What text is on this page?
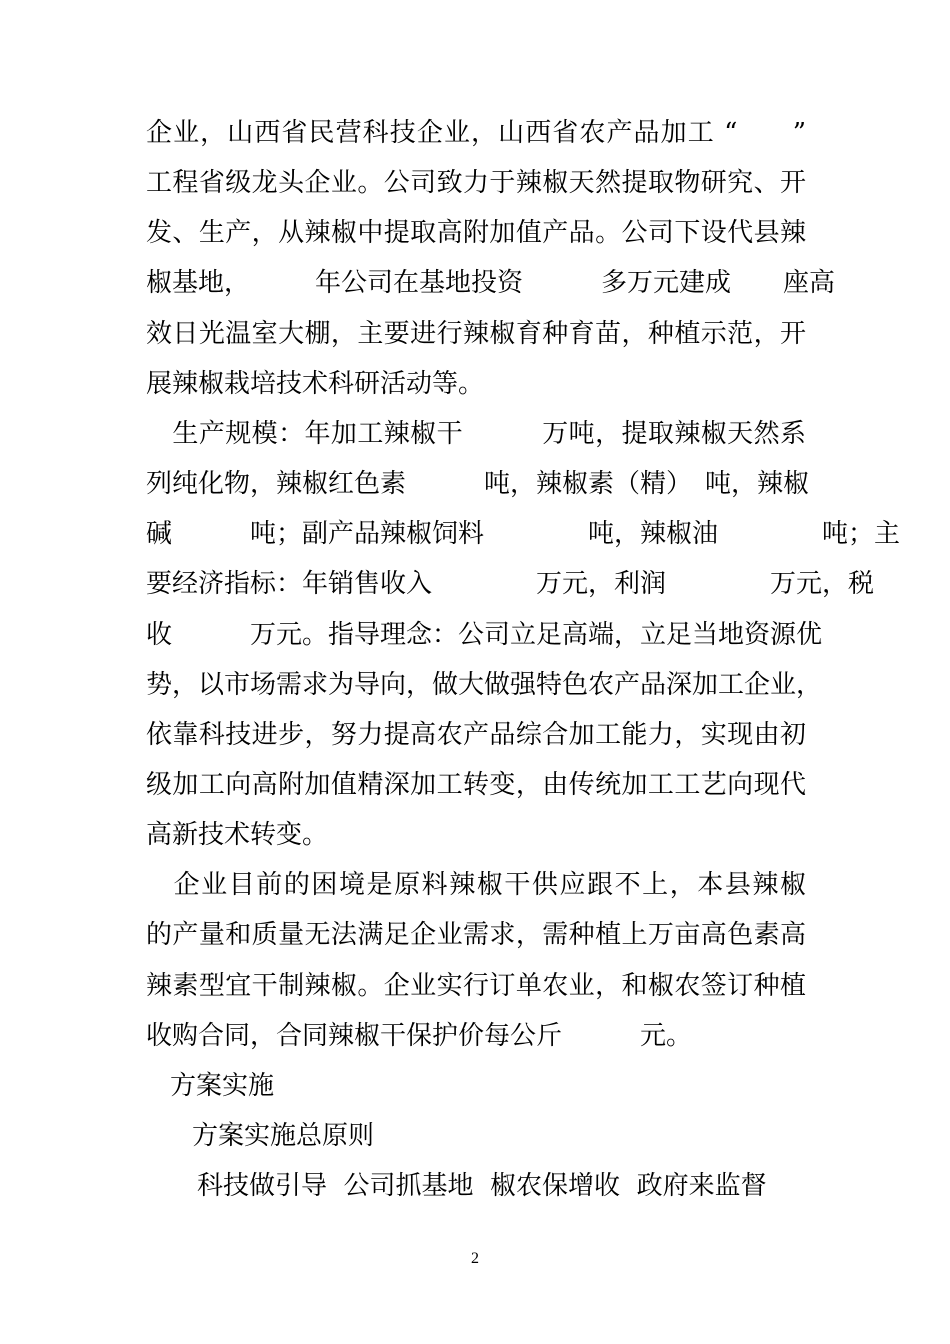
企业，山西省民营科技企业，山西省农产品加工 “　　”

工程省级龙头企业。公司致力于辣椒天然提取物研究、开

发、生产，从辣椒中提取高附加值产品。公司下设代县辣

椒基地，　　　年公司在基地投资　　　多万元建成　　座高

效日光温室大棚，主要进行辣椒育种育苗，种植示范，开

展辣椒栽培技术科研活动等。

　生产规模：年加工辣椒干　　　万吨，提取辣椒天然系

列纯化物，辣椒红色素　　　吨，辣椒素（精）　吨，辣椒

碱　　　吨；副产品辣椒饲料　　　　吨，辣椒油　　　　吨；主

要经济指标：年销售收入　　　　万元，利润　　　　万元，税

收　　　万元。指导理念：公司立足高端，立足当地资源优

势，以市场需求为导向，做大做强特色农产品深加工企业，

依靠科技进步，努力提高农产品综合加工能力，实现由初

级加工向高附加值精深加工转变，由传统加工工艺向现代

高新技术转变。

　企业目前的困境是原料辣椒干供应跟不上，本县辣椒

的产量和质量无法满足企业需求，需种植上万亩高色素高

辣素型宜干制辣椒。企业实行订单农业，和椒农签订种植

收购合同，合同辣椒干保护价每公斤　　　元。

方案实施

方案实施总原则

科技做引导  公司抓基地  椒农保增收  政府来监督

2
